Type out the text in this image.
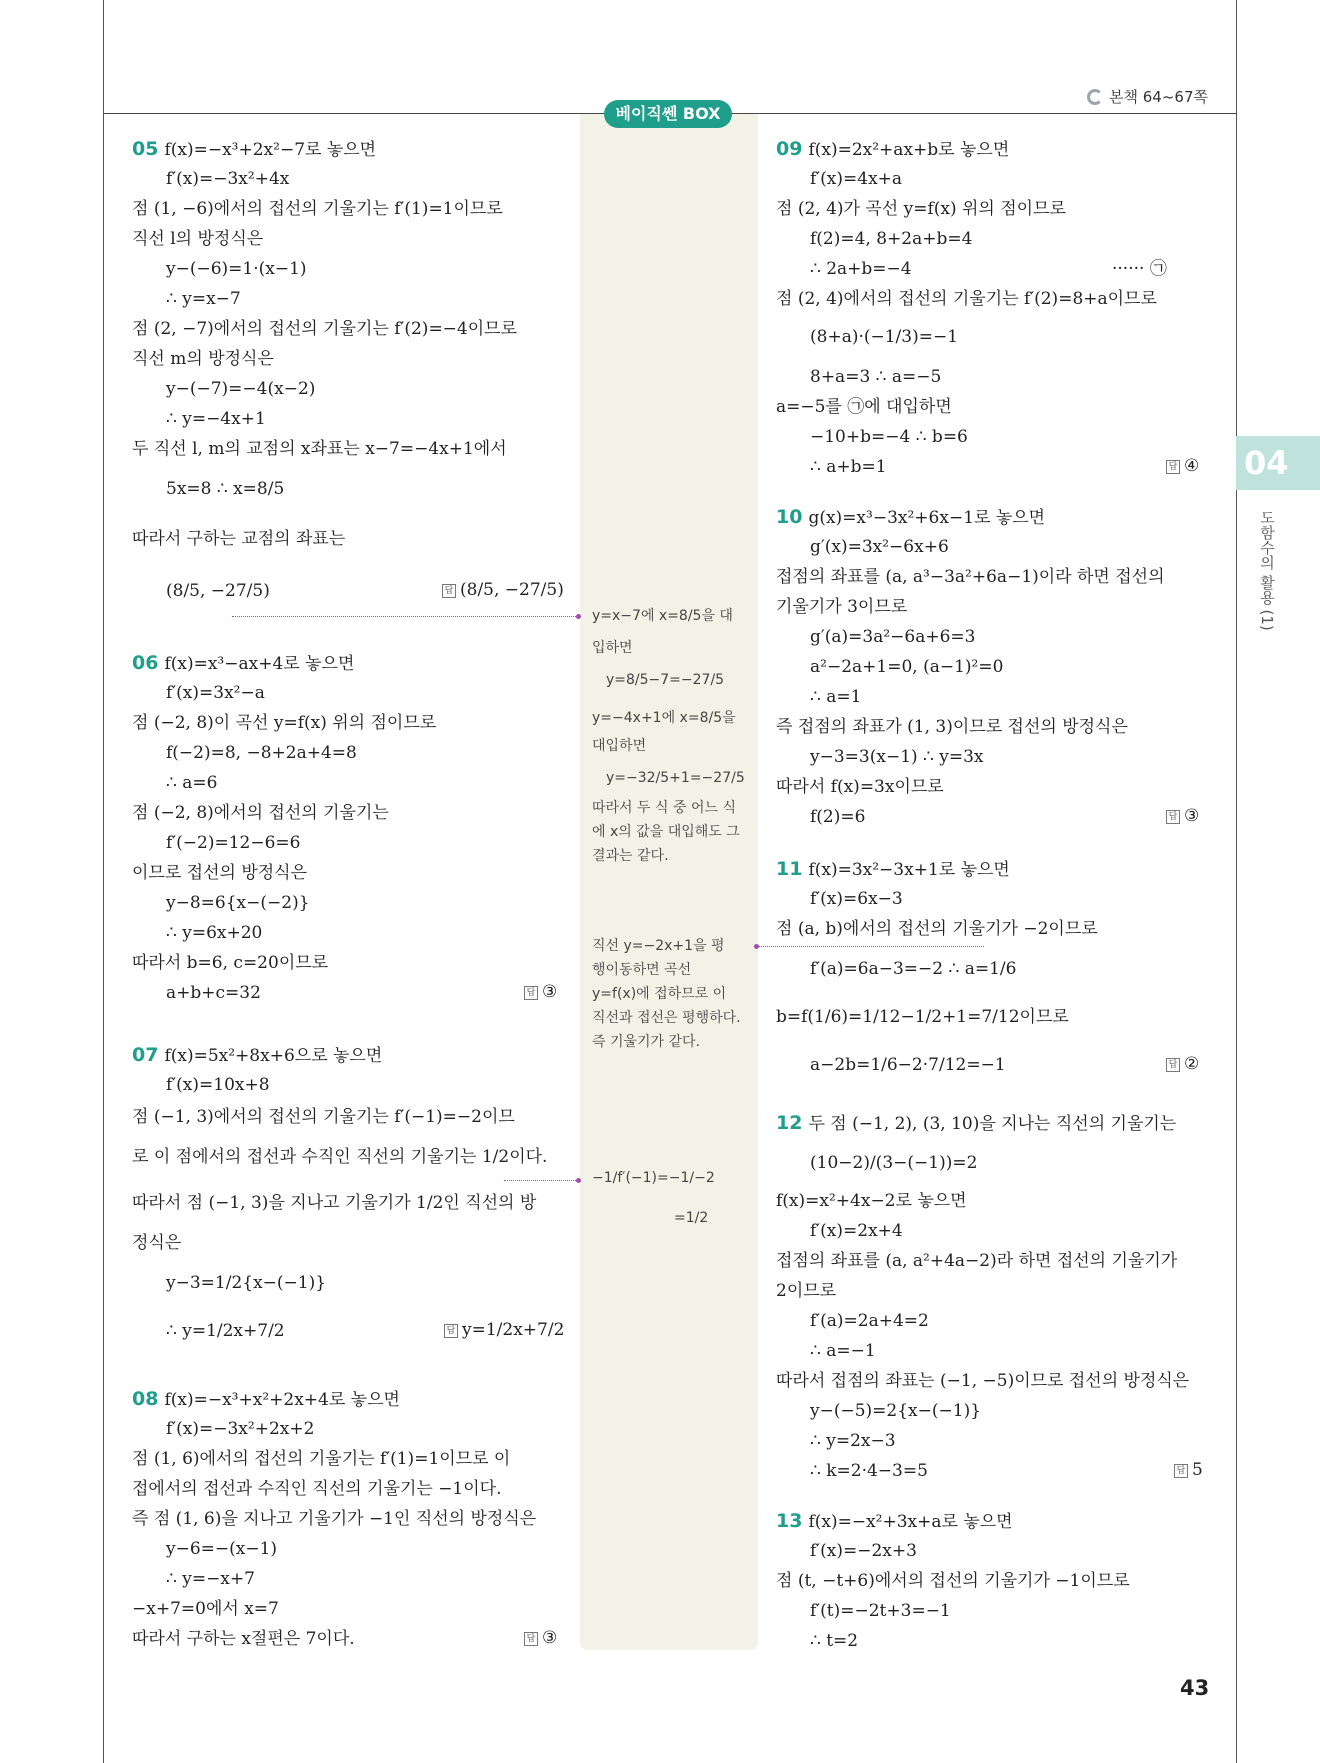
본책 64~67쪽
베이직쎈 BOX
04
도함수의 활용 (1)
05 f(x)=−x³+2x²−7로 놓으면
f′(x)=−3x²+4x
점 (1, −6)에서의 접선의 기울기는 f′(1)=1이므로
직선 l의 방정식은
y−(−6)=1·(x−1)
∴ y=x−7
점 (2, −7)에서의 접선의 기울기는 f′(2)=−4이므로
직선 m의 방정식은
y−(−7)=−4(x−2)
∴ y=−4x+1
두 직선 l, m의 교점의 x좌표는 x−7=−4x+1에서
5x=8 ∴ x=8/5
따라서 구하는 교점의 좌표는
(8/5, −27/5)	답 (8/5, −27/5)
06 f(x)=x³−ax+4로 놓으면
f′(x)=3x²−a
점 (−2, 8)이 곡선 y=f(x) 위의 점이므로
f(−2)=8, −8+2a+4=8
∴ a=6
점 (−2, 8)에서의 접선의 기울기는
f′(−2)=12−6=6
이므로 접선의 방정식은
y−8=6{x−(−2)}
∴ y=6x+20
따라서 b=6, c=20이므로
a+b+c=32	답 ③
07 f(x)=5x²+8x+6으로 놓으면
f′(x)=10x+8
점 (−1, 3)에서의 접선의 기울기는 f′(−1)=−2이므
로 이 점에서의 접선과 수직인 직선의 기울기는 1/2이다.
따라서 점 (−1, 3)을 지나고 기울기가 1/2인 직선의 방
정식은
y−3=1/2{x−(−1)}
∴ y=1/2x+7/2	답 y=1/2x+7/2
08 f(x)=−x³+x²+2x+4로 놓으면
f′(x)=−3x²+2x+2
점 (1, 6)에서의 접선의 기울기는 f′(1)=1이므로 이
접에서의 접선과 수직인 직선의 기울기는 −1이다.
즉 점 (1, 6)을 지나고 기울기가 −1인 직선의 방정식은
y−6=−(x−1)
∴ y=−x+7
−x+7=0에서 x=7
따라서 구하는 x절편은 7이다.	답 ③
y=x−7에 x=8/5을 대
입하면
y=8/5−7=−27/5
y=−4x+1에 x=8/5을
대입하면
y=−32/5+1=−27/5
따라서 두 식 중 어느 식
에 x의 값을 대입해도 그
결과는 같다.
직선 y=−2x+1을 평
행이동하면 곡선
y=f(x)에 접하므로 이
직선과 접선은 평행하다.
즉 기울기가 같다.
−1/f′(−1)=−1/−2
=1/2
09 f(x)=2x²+ax+b로 놓으면
f′(x)=4x+a
점 (2, 4)가 곡선 y=f(x) 위의 점이므로
f(2)=4, 8+2a+b=4
∴ 2a+b=−4	······ ㉠
점 (2, 4)에서의 접선의 기울기는 f′(2)=8+a이므로
(8+a)·(−1/3)=−1
8+a=3 ∴ a=−5
a=−5를 ㉠에 대입하면
−10+b=−4 ∴ b=6
∴ a+b=1	답 ④
10 g(x)=x³−3x²+6x−1로 놓으면
g′(x)=3x²−6x+6
접점의 좌표를 (a, a³−3a²+6a−1)이라 하면 접선의
기울기가 3이므로
g′(a)=3a²−6a+6=3
a²−2a+1=0, (a−1)²=0
∴ a=1
즉 접점의 좌표가 (1, 3)이므로 접선의 방정식은
y−3=3(x−1) ∴ y=3x
따라서 f(x)=3x이므로
f(2)=6	답 ③
11 f(x)=3x²−3x+1로 놓으면
f′(x)=6x−3
점 (a, b)에서의 접선의 기울기가 −2이므로
f′(a)=6a−3=−2 ∴ a=1/6
b=f(1/6)=1/12−1/2+1=7/12이므로
a−2b=1/6−2·7/12=−1	답 ②
12 두 점 (−1, 2), (3, 10)을 지나는 직선의 기울기는
(10−2)/(3−(−1))=2
f(x)=x²+4x−2로 놓으면
f′(x)=2x+4
접점의 좌표를 (a, a²+4a−2)라 하면 접선의 기울기가
2이므로
f′(a)=2a+4=2
∴ a=−1
따라서 접점의 좌표는 (−1, −5)이므로 접선의 방정식은
y−(−5)=2{x−(−1)}
∴ y=2x−3
∴ k=2·4−3=5	답 5
13 f(x)=−x²+3x+a로 놓으면
f′(x)=−2x+3
점 (t, −t+6)에서의 접선의 기울기가 −1이므로
f′(t)=−2t+3=−1
∴ t=2
43
